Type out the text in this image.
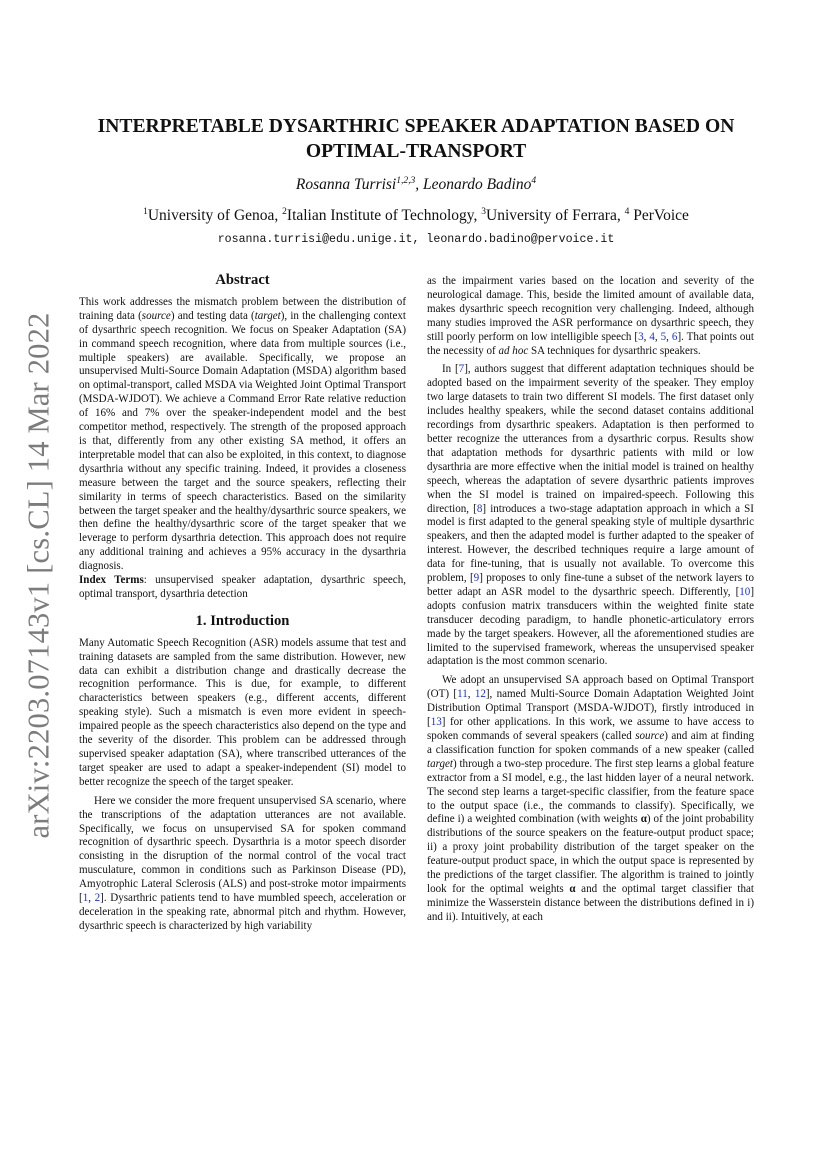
arXiv:2203.07143v1 [cs.CL] 14 Mar 2022
INTERPRETABLE DYSARTHRIC SPEAKER ADAPTATION BASED ON OPTIMAL-TRANSPORT
Rosanna Turrisi$^{1,2,3}$, Leonardo Badino$^4$
$^1$University of Genoa, $^2$Italian Institute of Technology, $^3$University of Ferrara, $^4$ PerVoice
rosanna.turrisi@edu.unige.it, leonardo.badino@pervoice.it
Abstract

This work addresses the mismatch problem between the distribution of training data (source) and testing data (target), in the challenging context of dysarthric speech recognition. We focus on Speaker Adaptation (SA) in command speech recognition, where data from multiple sources (i.e., multiple speakers) are available. Specifically, we propose an unsupervised Multi-Source Domain Adaptation (MSDA) algorithm based on optimal-transport, called MSDA via Weighted Joint Optimal Transport (MSDA-WJDOT). We achieve a Command Error Rate relative reduction of 16% and 7% over the speaker-independent model and the best competitor method, respectively. The strength of the proposed approach is that, differently from any other existing SA method, it offers an interpretable model that can also be exploited, in this context, to diagnose dysarthria without any specific training. Indeed, it provides a closeness measure between the target and the source speakers, reflecting their similarity in terms of speech characteristics. Based on the similarity between the target speaker and the healthy/dysarthric source speakers, we then define the healthy/dysarthric score of the target speaker that we leverage to perform dysarthria detection. This approach does not require any additional training and achieves a 95% accuracy in the dysarthria diagnosis.

Index Terms: unsupervised speaker adaptation, dysarthric speech, optimal transport, dysarthria detection

1. Introduction

Many Automatic Speech Recognition (ASR) models assume that test and training datasets are sampled from the same distribution. However, new data can exhibit a distribution change and drastically decrease the recognition performance. This is due, for example, to different characteristics between speakers (e.g., different accents, different speaking style). Such a mismatch is even more evident in speech-impaired people as the speech characteristics also depend on the type and the severity of the disorder. This problem can be addressed through supervised speaker adaptation (SA), where transcribed utterances of the target speaker are used to adapt a speaker-independent (SI) model to better recognize the speech of the target speaker.

Here we consider the more frequent unsupervised SA scenario, where the transcriptions of the adaptation utterances are not available. Specifically, we focus on unsupervised SA for spoken command recognition of dysarthric speech. Dysarthria is a motor speech disorder consisting in the disruption of the normal control of the vocal tract musculature, common in conditions such as Parkinson Disease (PD), Amyotrophic Lateral Sclerosis (ALS) and post-stroke motor impairments [1, 2]. Dysarthric patients tend to have mumbled speech, acceleration or deceleration in the speaking rate, abnormal pitch and rhythm. However, dysarthric speech is characterized by high variability

as the impairment varies based on the location and severity of the neurological damage. This, beside the limited amount of available data, makes dysarthric speech recognition very challenging. Indeed, although many studies improved the ASR performance on dysarthric speech, they still poorly perform on low intelligible speech [3, 4, 5, 6]. That points out the necessity of ad hoc SA techniques for dysarthric speakers.

In [7], authors suggest that different adaptation techniques should be adopted based on the impairment severity of the speaker. They employ two large datasets to train two different SI models. The first dataset only includes healthy speakers, while the second dataset contains additional recordings from dysarthric speakers. Adaptation is then performed to better recognize the utterances from a dysarthric corpus. Results show that adaptation methods for dysarthric patients with mild or low dysarthria are more effective when the initial model is trained on healthy speech, whereas the adaptation of severe dysarthric patients improves when the SI model is trained on impaired-speech. Following this direction, [8] introduces a two-stage adaptation approach in which a SI model is first adapted to the general speaking style of multiple dysarthric speakers, and then the adapted model is further adapted to the speaker of interest. However, the described techniques require a large amount of data for fine-tuning, that is usually not available. To overcome this problem, [9] proposes to only fine-tune a subset of the network layers to better adapt an ASR model to the dysarthric speech. Differently, [10] adopts confusion matrix transducers within the weighted finite state transducer decoding paradigm, to handle phonetic-articulatory errors made by the target speakers. However, all the aforementioned studies are limited to the supervised framework, whereas the unsupervised speaker adaptation is the most common scenario.

We adopt an unsupervised SA approach based on Optimal Transport (OT) [11, 12], named Multi-Source Domain Adaptation Weighted Joint Distribution Optimal Transport (MSDA-WJDOT), firstly introduced in [13] for other applications. In this work, we assume to have access to spoken commands of several speakers (called source) and aim at finding a classification function for spoken commands of a new speaker (called target) through a two-step procedure. The first step learns a global feature extractor from a SI model, e.g., the last hidden layer of a neural network. The second step learns a target-specific classifier, from the feature space to the output space (i.e., the commands to classify). Specifically, we define i) a weighted combination (with weights α) of the joint probability distributions of the source speakers on the feature-output product space; ii) a proxy joint probability distribution of the target speaker on the feature-output product space, in which the output space is represented by the predictions of the target classifier. The algorithm is trained to jointly look for the optimal weights α and the optimal target classifier that minimize the Wasserstein distance between the distributions defined in i) and ii). Intuitively, at each
